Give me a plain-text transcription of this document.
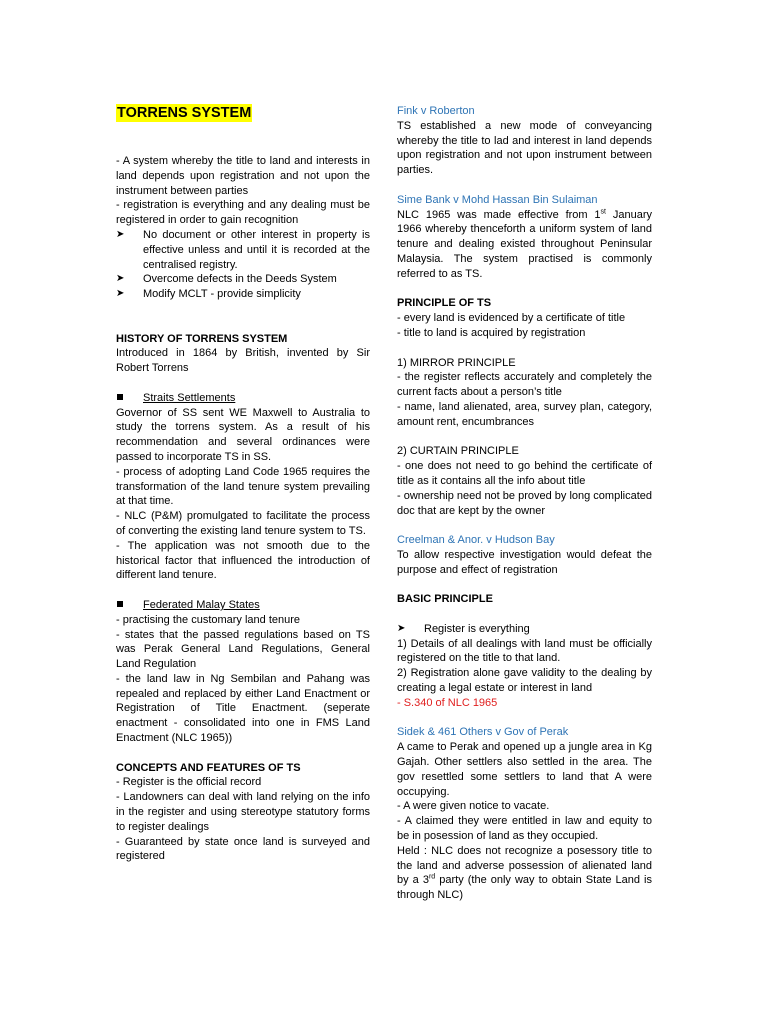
TORRENS SYSTEM

- A system whereby the title to land and interests in land depends upon registration and not upon the instrument between parties

- registration is everything and any dealing must be registered in order to gain recognition

➤ No document or other interest in property is effective unless and until it is recorded at the centralised registry.
➤ Overcome defects in the Deeds System
➤ Modify MCLT - provide simplicity

HISTORY OF TORRENS SYSTEM

Introduced in 1864 by British, invented by Sir Robert Torrens

Straits Settlements

Governor of SS sent WE Maxwell to Australia to study the torrens system. As a result of his recommendation and several ordinances were passed to incorporate TS in SS.

- process of adopting Land Code 1965 requires the transformation of the land tenure system prevailing at that time.

- NLC (P&M) promulgated to facilitate the process of converting the existing land tenure system to TS.

- The application was not smooth due to the historical factor that influenced the introduction of different land tenure.

Federated Malay States

- practising the customary land tenure

- states that the passed regulations based on TS was Perak General Land Regulations, General Land Regulation

- the land law in Ng Sembilan and Pahang was repealed and replaced by either Land Enactment or Registration of Title Enactment. (seperate enactment - consolidated into one in FMS Land Enactment (NLC 1965))

CONCEPTS AND FEATURES OF TS

- Register is the official record

- Landowners can deal with land relying on the info in the register and using stereotype statutory forms to register dealings

- Guaranteed by state once land is surveyed and registered

Fink v Roberton

TS established a new mode of conveyancing whereby the title to lad and interest in land depends upon registration and not upon instrument between parties.

Sime Bank v Mohd Hassan Bin Sulaiman

NLC 1965 was made effective from 1st January 1966 whereby thenceforth a uniform system of land tenure and dealing existed throughout Peninsular Malaysia. The system practised is commonly referred to as TS.

PRINCIPLE OF TS

- every land is evidenced by a certificate of title

- title to land is acquired by registration

1) MIRROR PRINCIPLE

- the register reflects accurately and completely the current facts about a person’s title

- name, land alienated, area, survey plan, category, amount rent, encumbrances

2) CURTAIN PRINCIPLE

- one does not need to go behind the certificate of title as it contains all the info about title

- ownership need not be proved by long complicated doc that are kept by the owner

Creelman & Anor. v Hudson Bay

To allow respective investigation would defeat the purpose and effect of registration

BASIC PRINCIPLE

➤ Register is everything

1) Details of all dealings with land must be officially registered on the title to that land.

2) Registration alone gave validity to the dealing by creating a legal estate or interest in land

- S.340 of NLC 1965

Sidek & 461 Others v Gov of Perak

A came to Perak and opened up a jungle area in Kg Gajah. Other settlers also settled in the area. The gov resettled some settlers to land that A were occupying.

- A were given notice to vacate.

- A claimed they were entitled in law and equity to be in posession of land as they occupied.

Held : NLC does not recognize a posessory title to the land and adverse possession of alienated land by a 3rd party (the only way to obtain State Land is through NLC)
